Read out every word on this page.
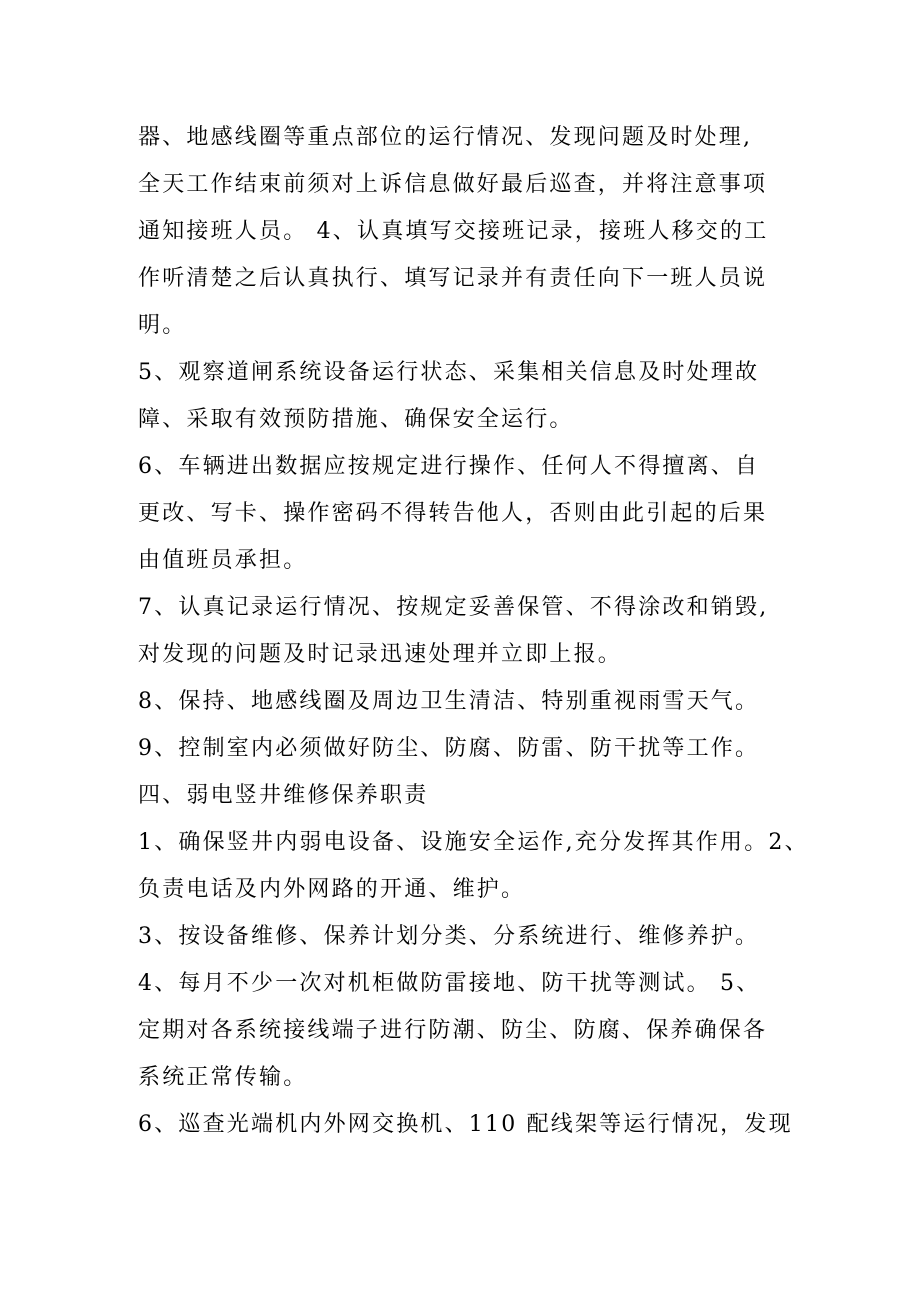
器、地感线圈等重点部位的运行情况、发现问题及时处理,
全天工作结束前须对上诉信息做好最后巡查，并将注意事项
通知接班人员。 4、认真填写交接班记录，接班人移交的工
作听清楚之后认真执行、填写记录并有责任向下一班人员说
明。
5、观察道闸系统设备运行状态、采集相关信息及时处理故
障、采取有效预防措施、确保安全运行。
6、车辆进出数据应按规定进行操作、任何人不得擅离、自
更改、写卡、操作密码不得转告他人，否则由此引起的后果
由值班员承担。
7、认真记录运行情况、按规定妥善保管、不得涂改和销毁,
对发现的问题及时记录迅速处理并立即上报。
8、保持、地感线圈及周边卫生清洁、特别重视雨雪天气。
9、控制室内必须做好防尘、防腐、防雷、防干扰等工作。
四、弱电竖井维修保养职责
1、确保竖井内弱电设备、设施安全运作,充分发挥其作用。2、
负责电话及内外网路的开通、维护。
3、按设备维修、保养计划分类、分系统进行、维修养护。
4、每月不少一次对机柜做防雷接地、防干扰等测试。 5、
定期对各系统接线端子进行防潮、防尘、防腐、保养确保各
系统正常传输。
6、巡查光端机内外网交换机、110 配线架等运行情况，发现
